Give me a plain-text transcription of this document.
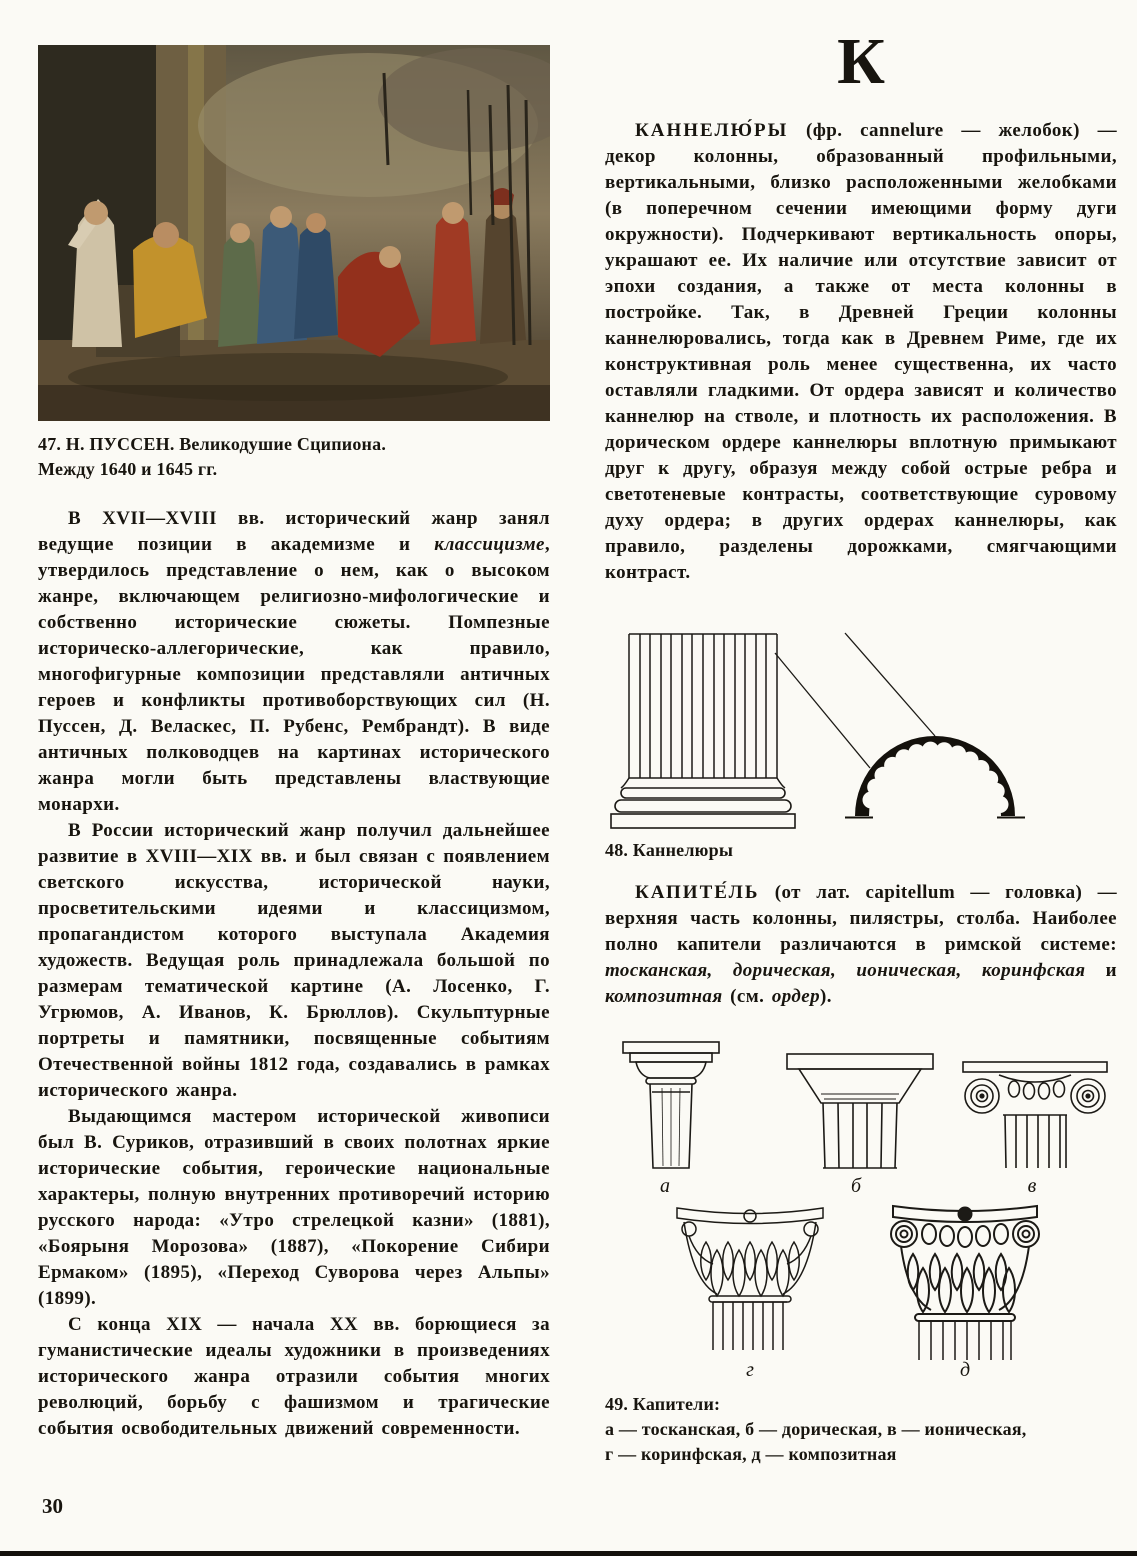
47. Н. ПУССЕН. Великодушие Сципиона.
Между 1640 и 1645 гг.

В XVII—XVIII вв. исторический жанр занял ведущие позиции в академизме и классицизме, утвердилось представление о нем, как о высоком жанре, включающем религиозно-мифологические и собственно исторические сюжеты. Помпезные историческо-аллегорические, как правило, многофигурные композиции представляли античных героев и конфликты противоборствующих сил (Н. Пуссен, Д. Веласкес, П. Рубенс, Рембрандт). В виде античных полководцев на картинах исторического жанра могли быть представлены властвующие монархи.

В России исторический жанр получил дальнейшее развитие в XVIII—XIX вв. и был связан с появлением светского искусства, исторической науки, просветительскими идеями и классицизмом, пропагандистом которого выступала Академия художеств. Ведущая роль принадлежала большой по размерам тематической картине (А. Лосенко, Г. Угрюмов, А. Иванов, К. Брюллов). Скульптурные портреты и памятники, посвященные событиям Отечественной войны 1812 года, создавались в рамках исторического жанра.

Выдающимся мастером исторической живописи был В. Суриков, отразивший в своих полотнах яркие исторические события, героические национальные характеры, полную внутренних противоречий историю русского народа: «Утро стрелецкой казни» (1881), «Боярыня Морозова» (1887), «Покорение Сибири Ермаком» (1895), «Переход Суворова через Альпы» (1899).

С конца XIX — начала XX вв. борющиеся за гуманистические идеалы художники в произведениях исторического жанра отразили события многих революций, борьбу с фашизмом и трагические события освободительных движений современности.

К
КАННЕЛЮ́РЫ (фр. cannelure — желобок) — декор колонны, образованный профильными, вертикальными, близко расположенными желобками (в поперечном сечении имеющими форму дуги окружности). Подчеркивают вертикальность опоры, украшают ее. Их наличие или отсутствие зависит от эпохи создания, а также от места колонны в постройке. Так, в Древней Греции колонны каннелюровались, тогда как в Древнем Риме, где их конструктивная роль менее существенна, их часто оставляли гладкими. От ордера зависят и количество каннелюр на стволе, и плотность их расположения. В дорическом ордере каннелюры вплотную примыкают друг к другу, образуя между собой острые ребра и светотеневые контрасты, соответствующие суровому духу ордера; в других ордерах каннелюры, как правило, разделены дорожками, смягчающими контраст.
48. Каннелюры
КАПИТЕ́ЛЬ (от лат. capitellum — головка) — верхняя часть колонны, пилястры, столба. Наиболее полно капители различаются в римской системе: тосканская, дорическая, ионическая, коринфская и композитная (см. ордер).
а	б	в
г	д
49. Капители:
а — тосканская, б — дорическая, в — ионическая,
г — коринфская, д — композитная
30
